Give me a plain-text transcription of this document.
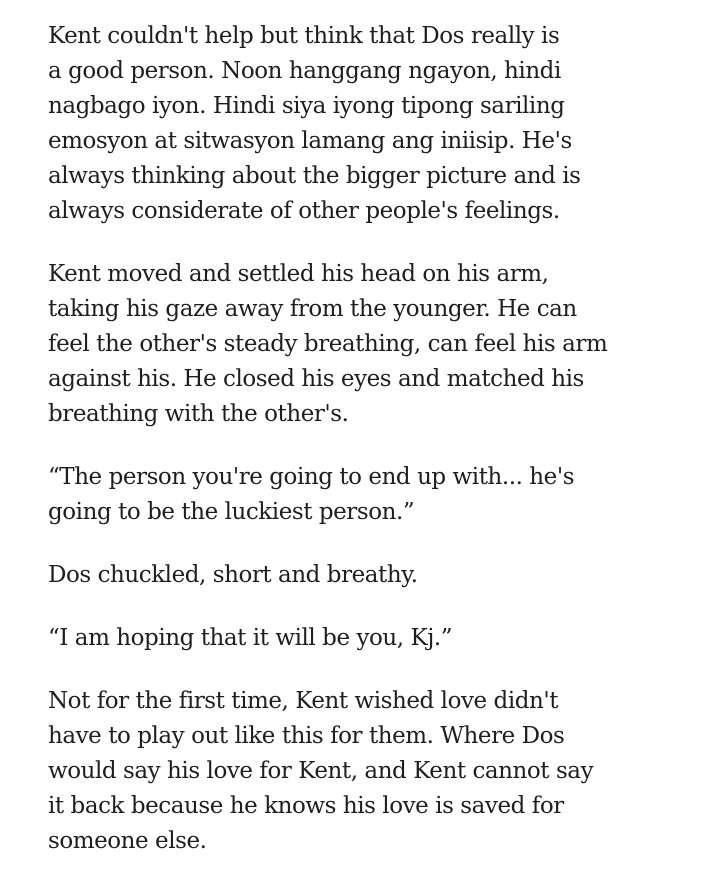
Kent couldn't help but think that Dos really is
a good person. Noon hanggang ngayon, hindi
nagbago iyon. Hindi siya iyong tipong sariling
emosyon at sitwasyon lamang ang iniisip. He's
always thinking about the bigger picture and is
always considerate of other people's feelings.

Kent moved and settled his head on his arm,
taking his gaze away from the younger. He can
feel the other's steady breathing, can feel his arm
against his. He closed his eyes and matched his
breathing with the other's.

“The person you're going to end up with... he's
going to be the luckiest person.”

Dos chuckled, short and breathy.

“I am hoping that it will be you, Kj.”

Not for the first time, Kent wished love didn't
have to play out like this for them. Where Dos
would say his love for Kent, and Kent cannot say
it back because he knows his love is saved for
someone else.
